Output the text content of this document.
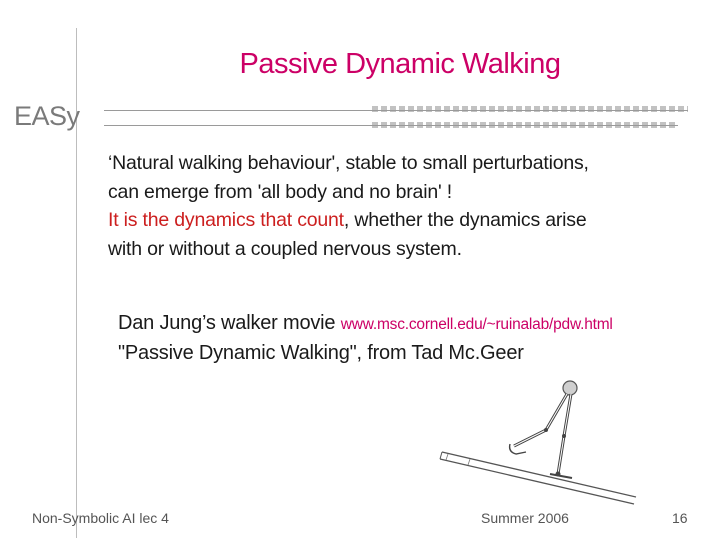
Passive Dynamic Walking
EASy
‘Natural walking behaviour', stable to small perturbations,
can emerge from 'all body and no brain' !
It is the dynamics that count, whether the dynamics arise
with or without a coupled nervous system.
Dan Jung’s walker movie www.msc.cornell.edu/~ruinalab/pdw.html
"Passive Dynamic Walking", from Tad Mc.Geer
Non-Symbolic AI lec 4	Summer 2006	16
